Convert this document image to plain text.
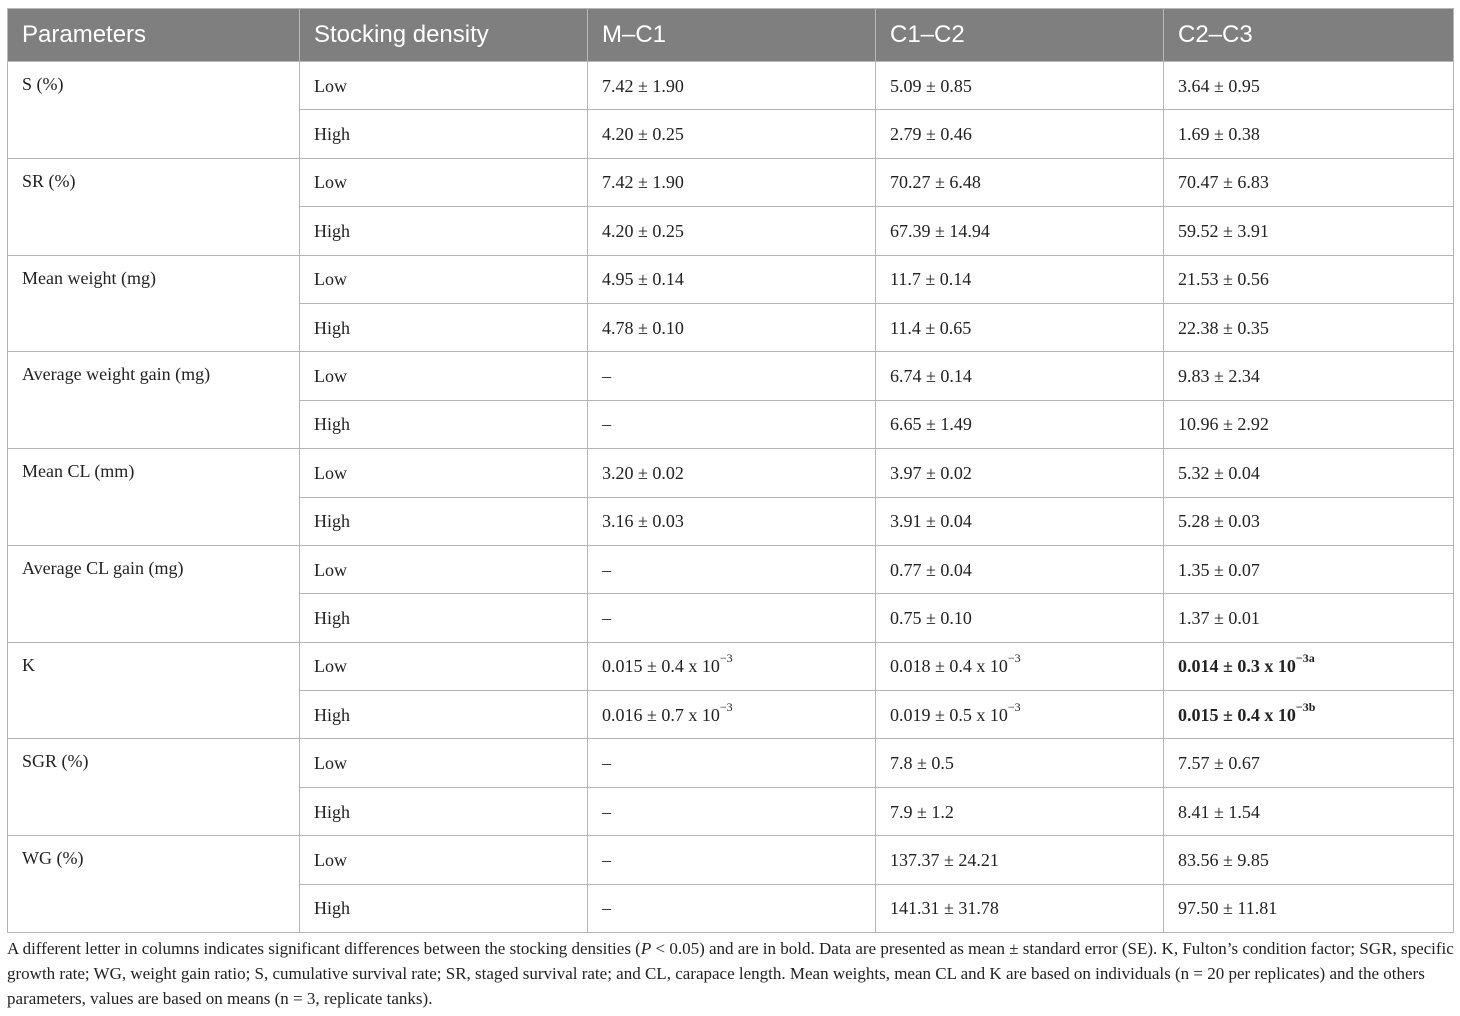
Parameters	Stocking density	M–C1	C1–C2	C2–C3
S (%)	Low	7.42 ± 1.90	5.09 ± 0.85	3.64 ± 0.95
	High	4.20 ± 0.25	2.79 ± 0.46	1.69 ± 0.38
SR (%)	Low	7.42 ± 1.90	70.27 ± 6.48	70.47 ± 6.83
	High	4.20 ± 0.25	67.39 ± 14.94	59.52 ± 3.91
Mean weight (mg)	Low	4.95 ± 0.14	11.7 ± 0.14	21.53 ± 0.56
	High	4.78 ± 0.10	11.4 ± 0.65	22.38 ± 0.35
Average weight gain (mg)	Low	–	6.74 ± 0.14	9.83 ± 2.34
	High	–	6.65 ± 1.49	10.96 ± 2.92
Mean CL (mm)	Low	3.20 ± 0.02	3.97 ± 0.02	5.32 ± 0.04
	High	3.16 ± 0.03	3.91 ± 0.04	5.28 ± 0.03
Average CL gain (mg)	Low	–	0.77 ± 0.04	1.35 ± 0.07
	High	–	0.75 ± 0.10	1.37 ± 0.01
K	Low	0.015 ± 0.4 x $10^{-3}$	0.018 ± 0.4 x $10^{-3}$	0.014 ± 0.3 x $10^{-3a}$
	High	0.016 ± 0.7 x $10^{-3}$	0.019 ± 0.5 x $10^{-3}$	0.015 ± 0.4 x $10^{-3b}$
SGR (%)	Low	–	7.8 ± 0.5	7.57 ± 0.67
	High	–	7.9 ± 1.2	8.41 ± 1.54
WG (%)	Low	–	137.37 ± 24.21	83.56 ± 9.85
	High	–	141.31 ± 31.78	97.50 ± 11.81
A different letter in columns indicates significant differences between the stocking densities (P < 0.05) and are in bold. Data are presented as mean ± standard error (SE). K, Fulton’s condition factor; SGR, specific growth rate; WG, weight gain ratio; S, cumulative survival rate; SR, staged survival rate; and CL, carapace length. Mean weights, mean CL and K are based on individuals (n = 20 per replicates) and the others parameters, values are based on means (n = 3, replicate tanks).
